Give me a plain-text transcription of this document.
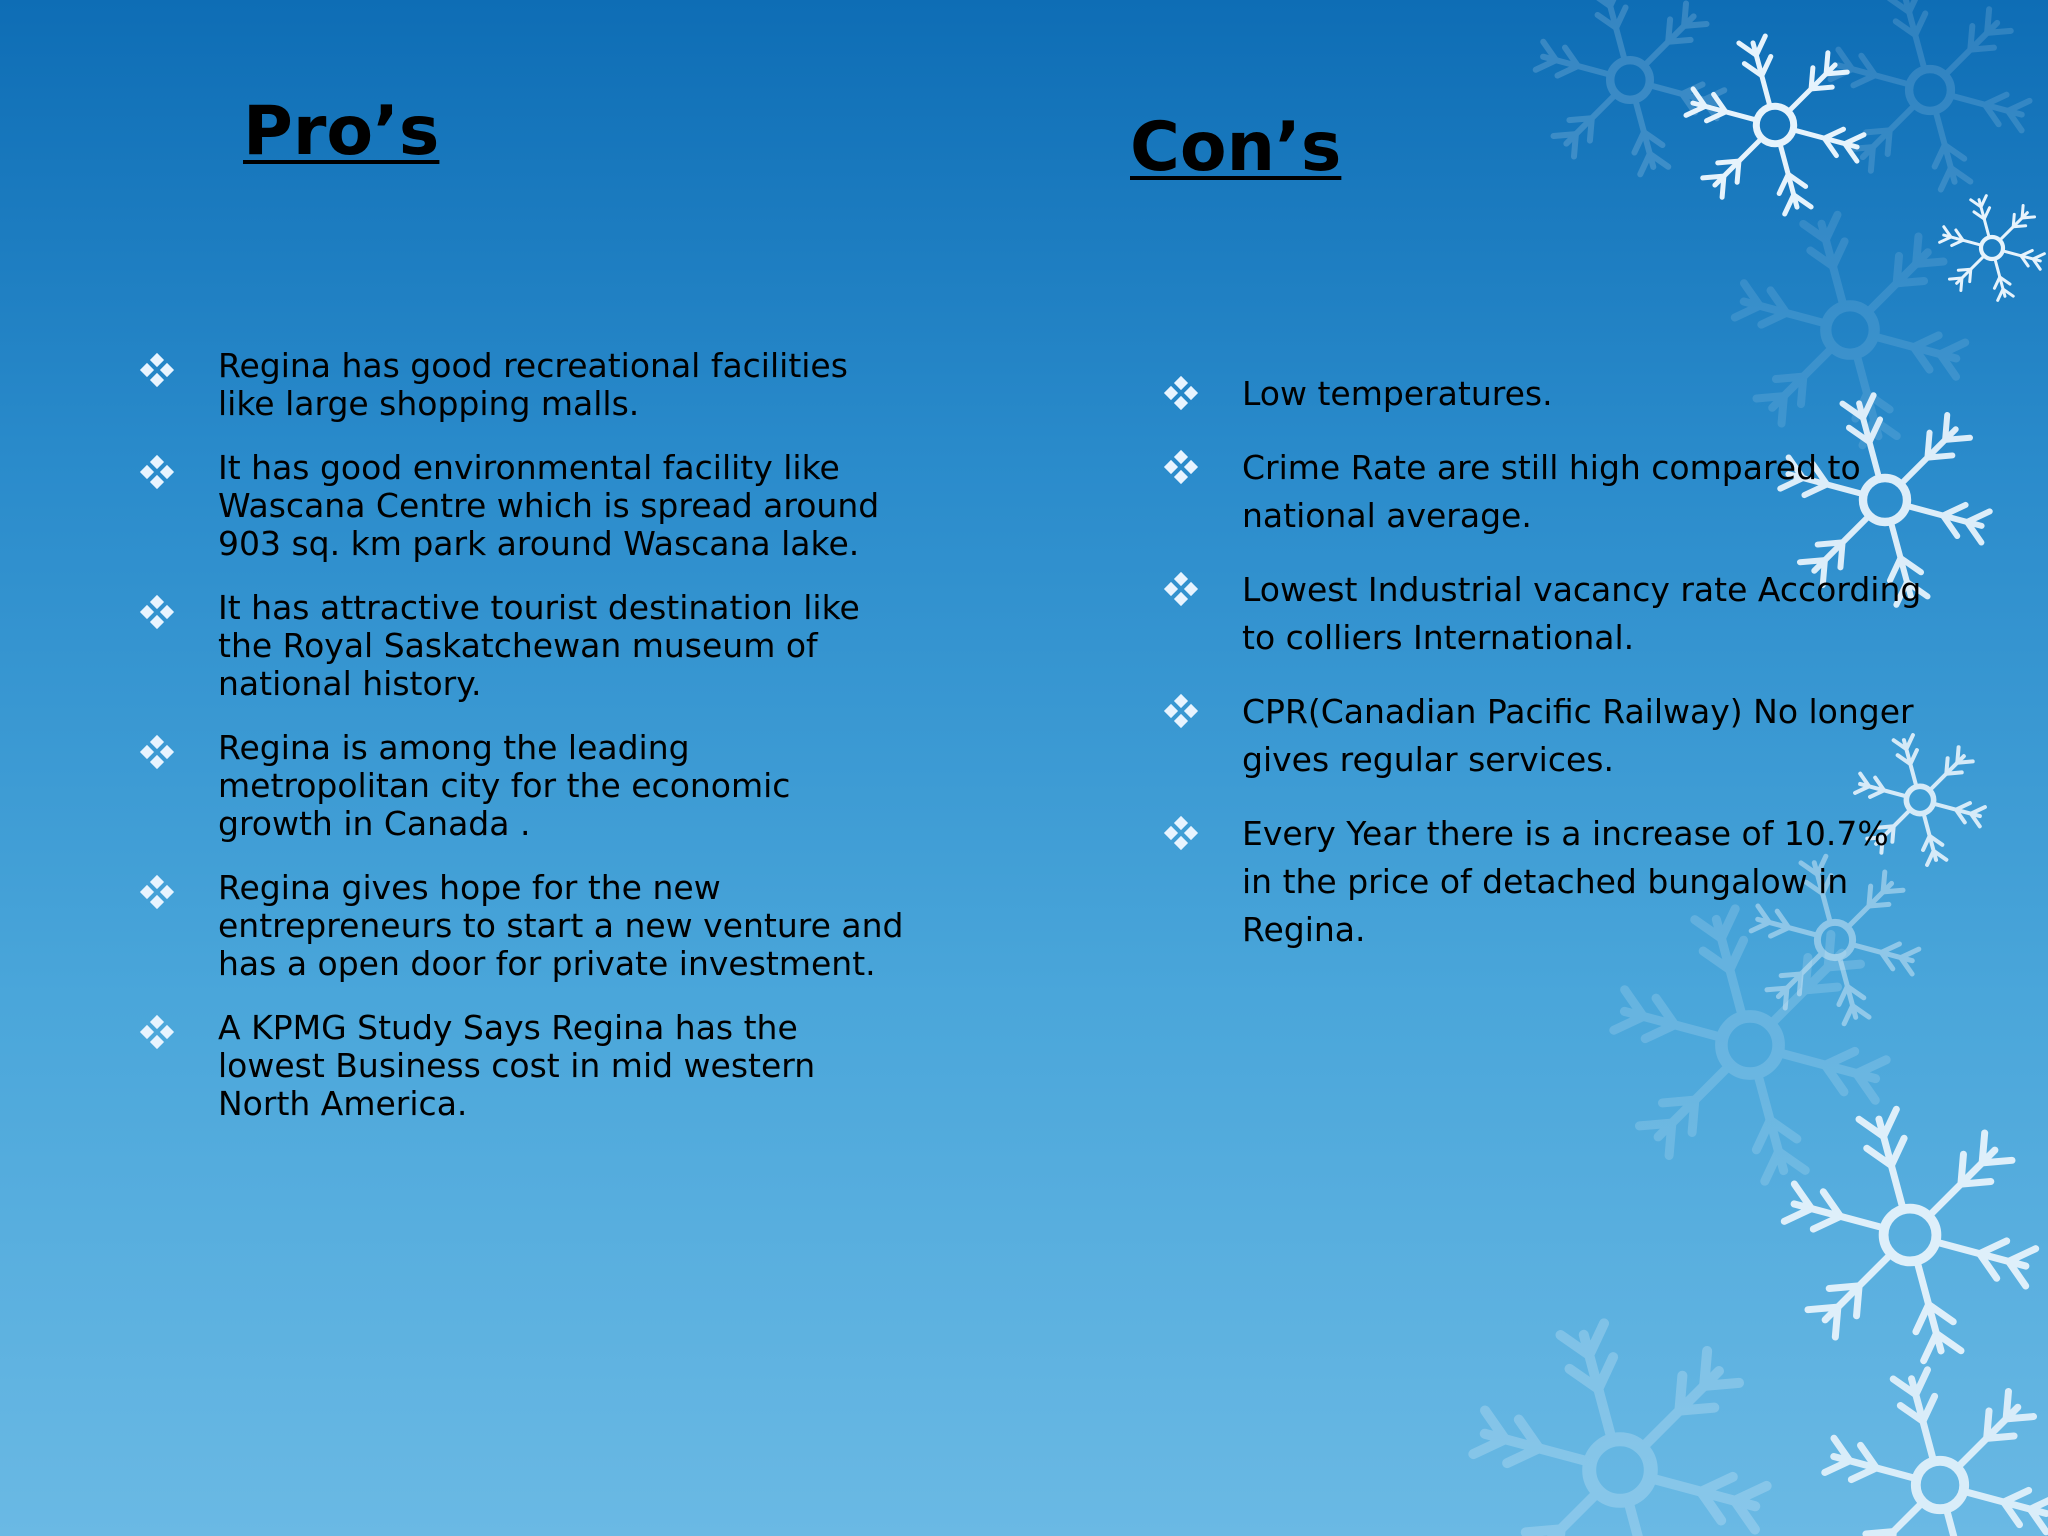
Pro’s	Con’s
Regina has good recreational facilities like large shopping malls.
It has good environmental facility like Wascana Centre which is spread around 903 sq. km park around Wascana lake.
It has attractive tourist destination like the Royal Saskatchewan museum of national history.
Regina is among the leading metropolitan city for the economic growth in Canada .
Regina gives hope for the new entrepreneurs to start a new venture and has a open door for private investment.
A KPMG Study Says Regina has the lowest Business cost in mid western North America.
Low temperatures.
Crime Rate are still high compared to national average.
Lowest Industrial vacancy rate According to colliers International.
CPR(Canadian Pacific Railway) No longer gives regular services.
Every Year there is a increase of 10.7% in the price of detached bungalow in Regina.
